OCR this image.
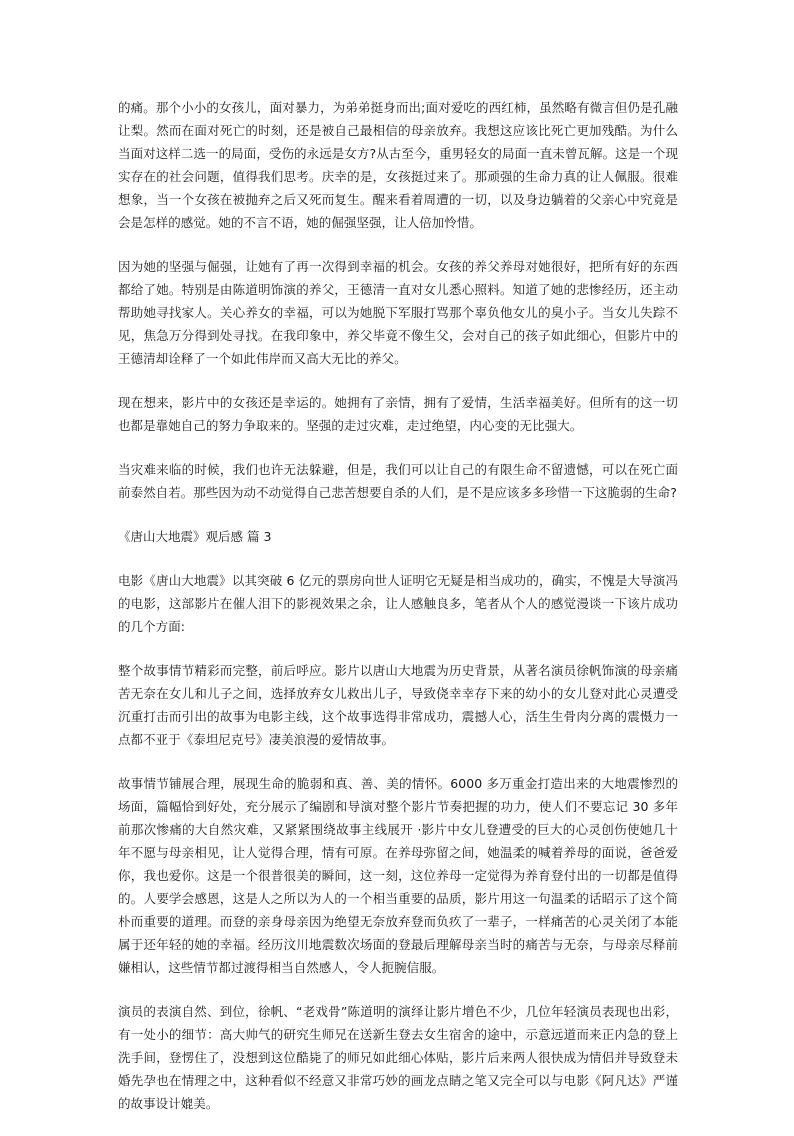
的痛。那个小小的女孩儿，面对暴力，为弟弟挺身而出;面对爱吃的西红柿，虽然略有微言但仍是孔融让梨。然而在面对死亡的时刻，还是被自己最相信的母亲放弃。我想这应该比死亡更加残酷。为什么当面对这样二选一的局面，受伤的永远是女方?从古至今，重男轻女的局面一直未曾瓦解。这是一个现实存在的社会问题，值得我们思考。庆幸的是，女孩挺过来了。那顽强的生命力真的让人佩服。很难想象，当一个女孩在被抛弃之后又死而复生。醒来看着周遭的一切，以及身边躺着的父亲心中究竟是会是怎样的感觉。她的不言不语，她的倔强坚强，让人倍加怜惜。

因为她的坚强与倔强，让她有了再一次得到幸福的机会。女孩的养父养母对她很好，把所有好的东西都给了她。特别是由陈道明饰演的养父，王德清一直对女儿悉心照料。知道了她的悲惨经历，还主动帮助她寻找家人。关心养女的幸福，可以为她脱下军服打骂那个辜负他女儿的臭小子。当女儿失踪不见，焦急万分得到处寻找。在我印象中，养父毕竟不像生父，会对自己的孩子如此细心，但影片中的王德清却诠释了一个如此伟岸而又高大无比的养父。

现在想来，影片中的女孩还是幸运的。她拥有了亲情，拥有了爱情，生活幸福美好。但所有的这一切也都是靠她自己的努力争取来的。坚强的走过灾难，走过绝望，内心变的无比强大。

当灾难来临的时候，我们也许无法躲避，但是，我们可以让自己的有限生命不留遗憾，可以在死亡面前泰然自若。那些因为动不动觉得自己悲苦想要自杀的人们，是不是应该多多珍惜一下这脆弱的生命?

《唐山大地震》观后感 篇 3

电影《唐山大地震》以其突破 6 亿元的票房向世人证明它无疑是相当成功的，确实，不愧是大导演冯的电影，这部影片在催人泪下的影视效果之余，让人感触良多，笔者从个人的感觉漫谈一下该片成功的几个方面:

整个故事情节精彩而完整，前后呼应。影片以唐山大地震为历史背景，从著名演员徐帆饰演的母亲痛苦无奈在女儿和儿子之间，选择放弃女儿救出儿子，导致侥幸幸存下来的幼小的女儿登对此心灵遭受沉重打击而引出的故事为电影主线，这个故事选得非常成功，震撼人心，活生生骨肉分离的震慑力一点都不亚于《泰坦尼克号》凄美浪漫的爱情故事。

故事情节铺展合理，展现生命的脆弱和真、善、美的情怀。6000 多万重金打造出来的大地震惨烈的场面，篇幅恰到好处，充分展示了编剧和导演对整个影片节奏把握的功力，使人们不要忘记 30 多年前那次惨痛的大自然灾难，又紧紧围绕故事主线展开 ·影片中女儿登遭受的巨大的心灵创伤使她几十年不愿与母亲相见，让人觉得合理，情有可原。在养母弥留之间，她温柔的喊着养母的面说，爸爸爱你，我也爱你。这是一个很普很美的瞬间，这一刻，这位养母一定觉得为养育登付出的一切都是值得的。人要学会感恩，这是人之所以为人的一个相当重要的品质，影片用这一句温柔的话昭示了这个简朴而重要的道理。而登的亲身母亲因为绝望无奈放弃登而负疚了一辈子，一样痛苦的心灵关闭了本能属于还年轻的她的幸福。经历汶川地震数次场面的登最后理解母亲当时的痛苦与无奈，与母亲尽释前嫌相认，这些情节都过渡得相当自然感人，令人扼腕信服。

演员的表演自然、到位，徐帆、“老戏骨”陈道明的演绎让影片增色不少，几位年轻演员表现也出彩，有一处小的细节：高大帅气的研究生师兄在送新生登去女生宿舍的途中，示意远道而来正内急的登上洗手间，登愣住了，没想到这位酷毙了的师兄如此细心体贴，影片后来两人很快成为情侣并导致登未婚先孕也在情理之中，这种看似不经意又非常巧妙的画龙点睛之笔又完全可以与电影《阿凡达》严谨的故事设计媲美。
